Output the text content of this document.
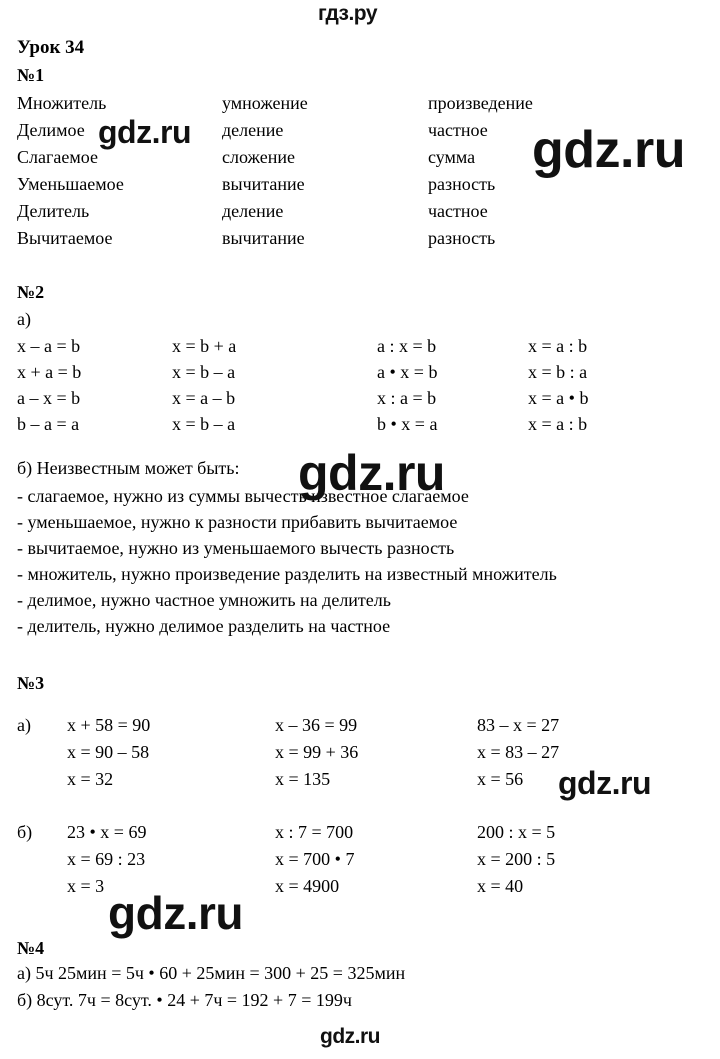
гдз.ру
gdz.ru	gdz.ru
gdz.ru
gdz.ru
gdz.ru
gdz.ru
Урок 34
№1
Множитель	умножение	произведение
Делимое	деление	частное
Слагаемое	сложение	сумма
Уменьшаемое	вычитание	разность
Делитель	деление	частное
Вычитаемое	вычитание	разность
№2
а)
x – a = b	x = b + a	a : x = b	x = a : b
x + a = b	x = b – a	a • x = b	x = b : a
a – x = b	x = a – b	x : a = b	x = a • b
b – a = a	x = b – a	b • x = a	x = a : b
б) Неизвестным может быть:
- слагаемое, нужно из суммы вычесть известное слагаемое
- уменьшаемое, нужно к разности прибавить вычитаемое
- вычитаемое, нужно из уменьшаемого вычесть разность
- множитель, нужно произведение разделить на известный множитель
- делимое, нужно частное умножить на делитель
- делитель, нужно делимое разделить на частное
№3
а) x + 58 = 90
x = 90 – 58
x = 32
x – 36 = 99
x = 99 + 36
x = 135
83 – x = 27
x = 83 – 27
x = 56
б) 23 • x = 69
x = 69 : 23
x = 3
x : 7 = 700
x = 700 • 7
x = 4900
200 : x = 5
x = 200 : 5
x = 40
№4
а) 5ч 25мин = 5ч • 60 + 25мин = 300 + 25 = 325мин
б) 8сут. 7ч = 8сут. • 24 + 7ч = 192 + 7 = 199ч
